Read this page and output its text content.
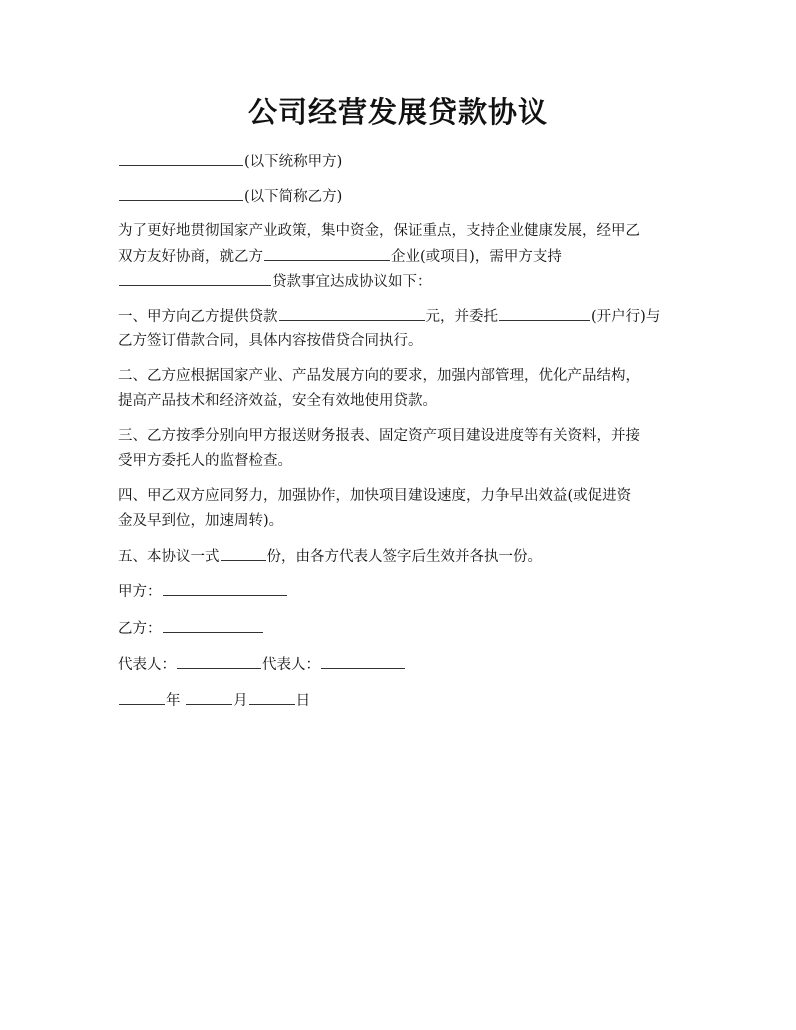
公司经营发展贷款协议
(以下统称甲方)
(以下简称乙方)
为了更好地贯彻国家产业政策，集中资金，保证重点，支持企业健康发展，经甲乙
双方友好协商，就乙方	企业(或项目)，需甲方支持
贷款事宜达成协议如下：
一、甲方向乙方提供贷款	元，并委托	(开户行)与
乙方签订借款合同，具体内容按借贷合同执行。
二、乙方应根据国家产业、产品发展方向的要求，加强内部管理，优化产品结构，
提高产品技术和经济效益，安全有效地使用贷款。
三、乙方按季分别向甲方报送财务报表、固定资产项目建设进度等有关资料，并接
受甲方委托人的监督检查。
四、甲乙双方应同努力，加强协作，加快项目建设速度，力争早出效益(或促进资
金及早到位，加速周转)。
五、本协议一式	份，由各方代表人签字后生效并各执一份。
甲方：
乙方：
代表人：	代表人：
年	月	日
